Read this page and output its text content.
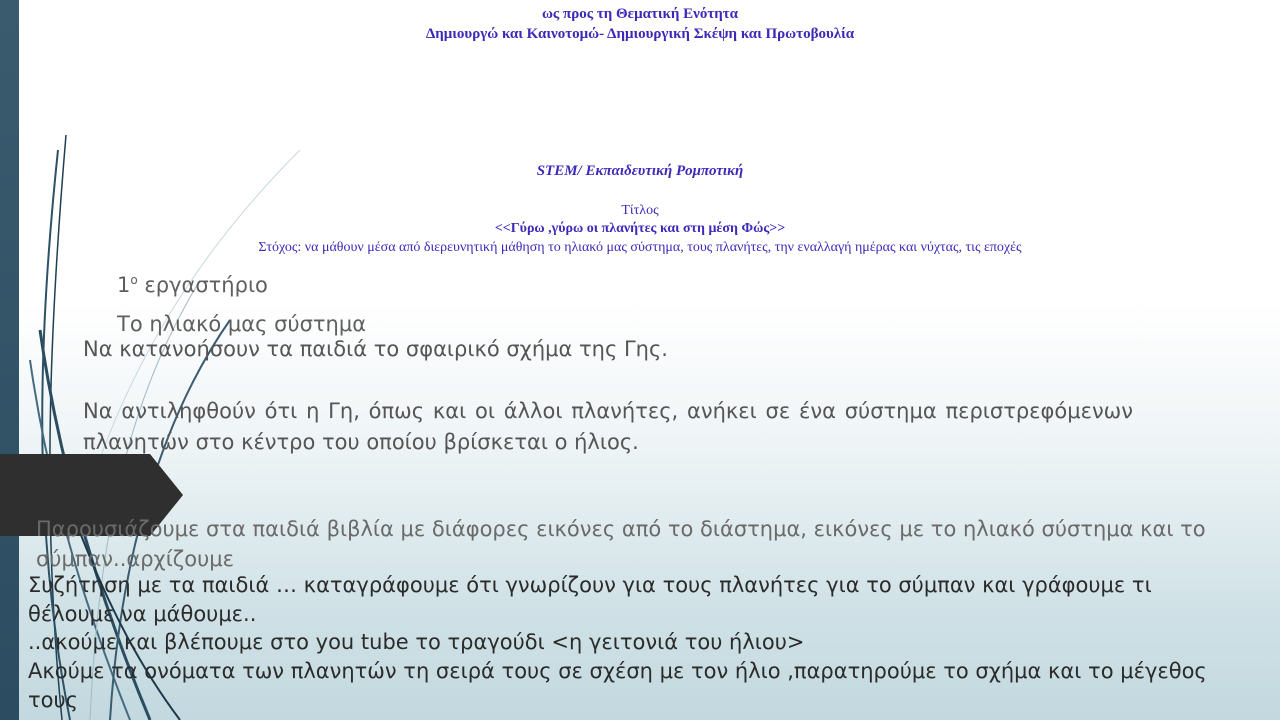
ως προς τη Θεματική Ενότητα
Δημιουργώ και Καινοτομώ- Δημιουργική Σκέψη και Πρωτοβουλία
STEM/ Εκπαιδευτική Ρομποτική
Τίτλος
<<Γύρω ,γύρω οι πλανήτες και στη μέση Φώς>>
Στόχος: να μάθουν μέσα από διερευνητική μάθηση το ηλιακό μας σύστημα, τους πλανήτες, την εναλλαγή ημέρας και νύχτας, τις εποχές
$1^o$ εργαστήριο
Το ηλιακό μας σύστημα
Να κατανοήσουν τα παιδιά το σφαιρικό σχήμα της Γης.
Να αντιληφθούν ότι η Γη, όπως και οι άλλοι πλανήτες, ανήκει σε ένα σύστημα περιστρεφόμενων πλανητών στο κέντρο του οποίου βρίσκεται ο ήλιος.
Παρουσιάζουμε στα παιδιά βιβλία με διάφορες εικόνες από το διάστημα, εικόνες με το ηλιακό σύστημα και το σύμπαν..αρχίζουμε
Συζήτηση με τα παιδιά … καταγράφουμε ότι γνωρίζουν για τους πλανήτες για το σύμπαν και γράφουμε τι θέλουμε να μάθουμε..
..ακούμε και βλέπουμε στο you tube το τραγούδι <η γειτονιά του ήλιου>
Ακούμε τα ονόματα των πλανητών τη σειρά τους σε σχέση με τον ήλιο ,παρατηρούμε το σχήμα και το μέγεθος τους
